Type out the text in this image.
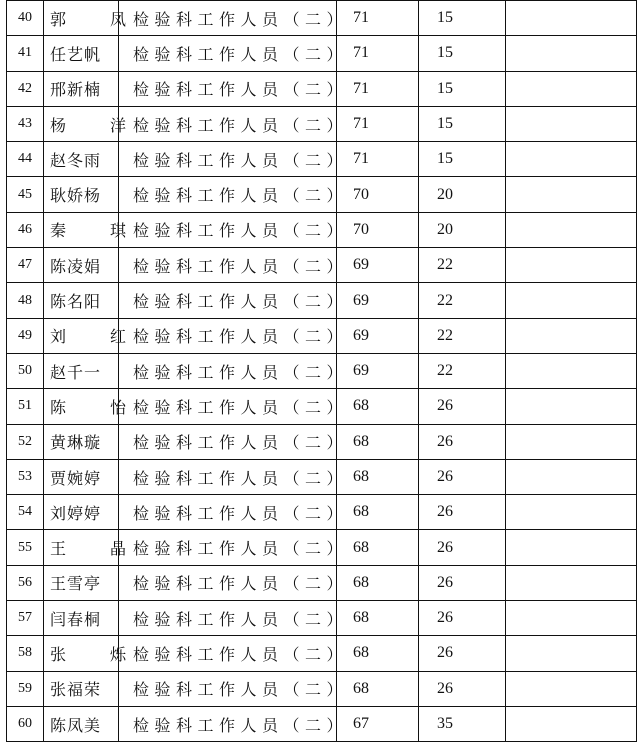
40	郭　凤	检验科工作人员（二）	71	15	
41	任艺帆	检验科工作人员（二）	71	15	
42	邢新楠	检验科工作人员（二）	71	15	
43	杨　洋	检验科工作人员（二）	71	15	
44	赵冬雨	检验科工作人员（二）	71	15	
45	耿娇杨	检验科工作人员（二）	70	20	
46	秦　琪	检验科工作人员（二）	70	20	
47	陈凌娟	检验科工作人员（二）	69	22	
48	陈名阳	检验科工作人员（二）	69	22	
49	刘　红	检验科工作人员（二）	69	22	
50	赵千一	检验科工作人员（二）	69	22	
51	陈　怡	检验科工作人员（二）	68	26	
52	黄琳璇	检验科工作人员（二）	68	26	
53	贾婉婷	检验科工作人员（二）	68	26	
54	刘婷婷	检验科工作人员（二）	68	26	
55	王　晶	检验科工作人员（二）	68	26	
56	王雪亭	检验科工作人员（二）	68	26	
57	闫春桐	检验科工作人员（二）	68	26	
58	张　烁	检验科工作人员（二）	68	26	
59	张福荣	检验科工作人员（二）	68	26	
60	陈凤美	检验科工作人员（二）	67	35	
